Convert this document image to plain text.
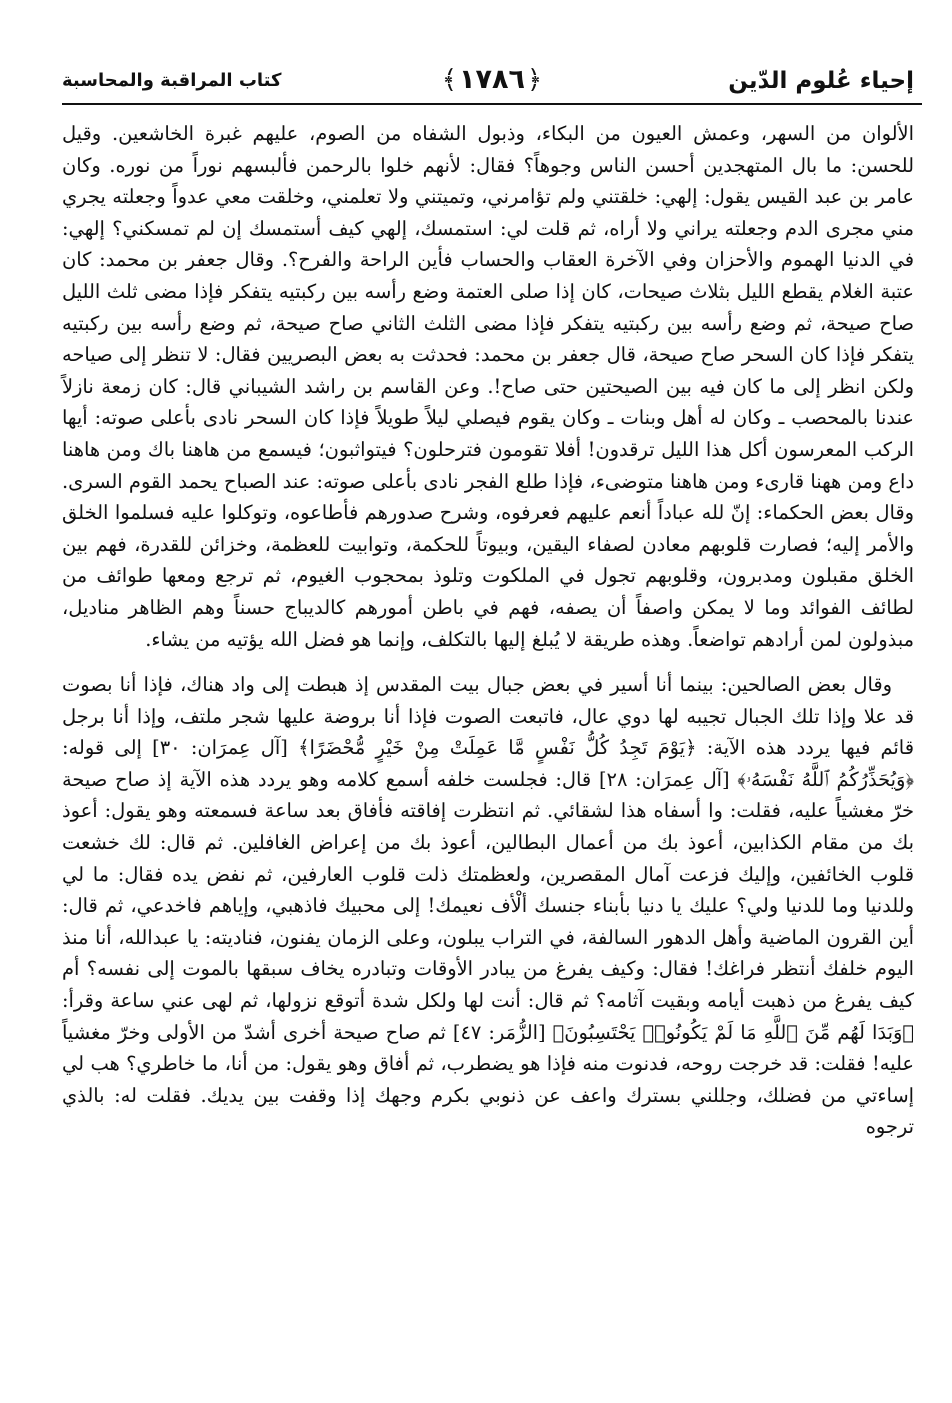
إحياء عُلوم الدّين
﴿١٧٨٦﴾
كتاب المراقبة والمحاسبة

الألوان من السهر، وعمش العيون من البكاء، وذبول الشفاه من الصوم، عليهم غبرة الخاشعين. وقيل للحسن: ما بال المتهجدين أحسن الناس وجوهاً؟ فقال: لأنهم خلوا بالرحمن فألبسهم نوراً من نوره. وكان عامر بن عبد القيس يقول: إلهي: خلقتني ولم تؤامرني، وتميتني ولا تعلمني، وخلقت معي عدواً وجعلته يجري مني مجرى الدم وجعلته يراني ولا أراه، ثم قلت لي: استمسك، إلهي كيف أستمسك إن لم تمسكني؟ إلهي: في الدنيا الهموم والأحزان وفي الآخرة العقاب والحساب فأين الراحة والفرح؟. وقال جعفر بن محمد: كان عتبة الغلام يقطع الليل بثلاث صيحات، كان إذا صلى العتمة وضع رأسه بين ركبتيه يتفكر فإذا مضى ثلث الليل صاح صيحة، ثم وضع رأسه بين ركبتيه يتفكر فإذا مضى الثلث الثاني صاح صيحة، ثم وضع رأسه بين ركبتيه يتفكر فإذا كان السحر صاح صيحة، قال جعفر بن محمد: فحدثت به بعض البصريين فقال: لا تنظر إلى صياحه ولكن انظر إلى ما كان فيه بين الصيحتين حتى صاح!. وعن القاسم بن راشد الشيباني قال: كان زمعة نازلاً عندنا بالمحصب ـ وكان له أهل وبنات ـ وكان يقوم فيصلي ليلاً طويلاً فإذا كان السحر نادى بأعلى صوته: أيها الركب المعرسون أكل هذا الليل ترقدون! أفلا تقومون فترحلون؟ فيتواثبون؛ فيسمع من هاهنا باك ومن هاهنا داع ومن ههنا قارىء ومن هاهنا متوضىء، فإذا طلع الفجر نادى بأعلى صوته: عند الصباح يحمد القوم السرى. وقال بعض الحكماء: إنّ لله عباداً أنعم عليهم فعرفوه، وشرح صدورهم فأطاعوه، وتوكلوا عليه فسلموا الخلق والأمر إليه؛ فصارت قلوبهم معادن لصفاء اليقين، وبيوتاً للحكمة، وتوابيت للعظمة، وخزائن للقدرة، فهم بين الخلق مقبلون ومدبرون، وقلوبهم تجول في الملكوت وتلوذ بمحجوب الغيوم، ثم ترجع ومعها طوائف من لطائف الفوائد وما لا يمكن واصفاً أن يصفه، فهم في باطن أمورهم كالديباج حسناً وهم الظاهر مناديل، مبذولون لمن أرادهم تواضعاً. وهذه طريقة لا يُبلغ إليها بالتكلف، وإنما هو فضل الله يؤتيه من يشاء.

وقال بعض الصالحين: بينما أنا أسير في بعض جبال بيت المقدس إذ هبطت إلى واد هناك، فإذا أنا بصوت قد علا وإذا تلك الجبال تجيبه لها دوي عال، فاتبعت الصوت فإذا أنا بروضة عليها شجر ملتف، وإذا أنا برجل قائم فيها يردد هذه الآية: ﴿يَوْمَ تَجِدُ كُلُّ نَفْسٍ مَّا عَمِلَتْ مِنْ خَيْرٍ مُّحْضَرًا﴾ [آل عِمرَان: ٣٠] إلى قوله: ﴿وَيُحَذِّرُكُمُ ٱللَّهُ نَفْسَهُۥ﴾ [آل عِمرَان: ٢٨] قال: فجلست خلفه أسمع كلامه وهو يردد هذه الآية إذ صاح صيحة خرّ مغشياً عليه، فقلت: وا أسفاه هذا لشقائي. ثم انتظرت إفاقته فأفاق بعد ساعة فسمعته وهو يقول: أعوذ بك من مقام الكذابين، أعوذ بك من أعمال البطالين، أعوذ بك من إعراض الغافلين. ثم قال: لك خشعت قلوب الخائفين، وإليك فزعت آمال المقصرين، ولعظمتك ذلت قلوب العارفين، ثم نفض يده فقال: ما لي وللدنيا وما للدنيا ولي؟ عليك يا دنيا بأبناء جنسك ألْأف نعيمك! إلى محبيك فاذهبي، وإياهم فاخدعي، ثم قال: أين القرون الماضية وأهل الدهور السالفة، في التراب يبلون، وعلى الزمان يفنون، فناديته: يا عبدالله، أنا منذ اليوم خلفك أنتظر فراغك! فقال: وكيف يفرغ من يبادر الأوقات وتبادره يخاف سبقها بالموت إلى نفسه؟ أم كيف يفرغ من ذهبت أيامه وبقيت آثامه؟ ثم قال: أنت لها ولكل شدة أتوقع نزولها، ثم لهى عني ساعة وقرأ: ﴿وَبَدَا لَهُم مِّنَ ٱللَّهِ مَا لَمْ يَكُونُوا۟ يَحْتَسِبُونَ﴾ [الزُّمَر: ٤٧] ثم صاح صيحة أخرى أشدّ من الأولى وخرّ مغشياً عليه! فقلت: قد خرجت روحه، فدنوت منه فإذا هو يضطرب، ثم أفاق وهو يقول: من أنا، ما خاطري؟ هب لي إساءتي من فضلك، وجللني بسترك واعف عن ذنوبي بكرم وجهك إذا وقفت بين يديك. فقلت له: بالذي ترجوه
